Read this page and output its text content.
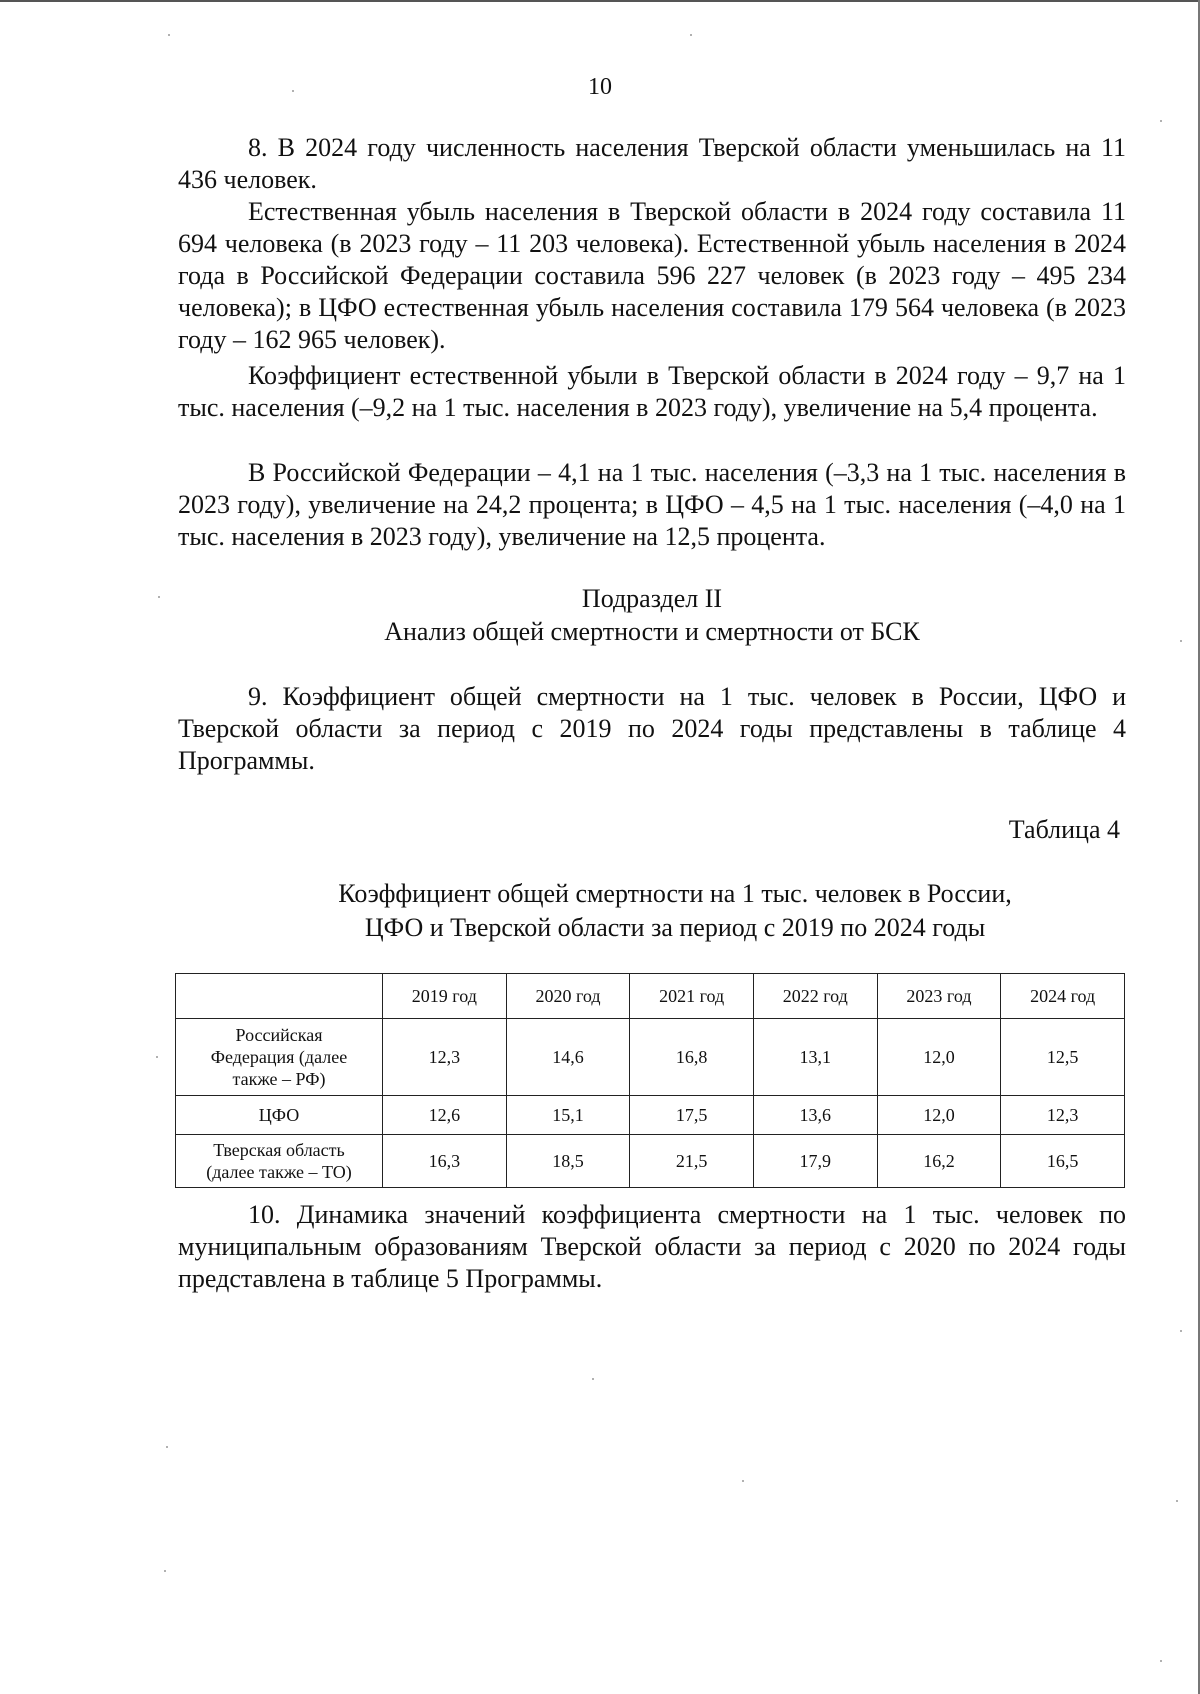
10

8. В 2024 году численность населения Тверской области уменьшилась на 11 436 человек.

Естественная убыль населения в Тверской области в 2024 году составила 11 694 человека (в 2023 году – 11 203 человека). Естественной убыль населения в 2024 года в Российской Федерации составила 596 227 человек (в 2023 году – 495 234 человека); в ЦФО естественная убыль населения составила 179 564 человека (в 2023 году – 162 965 человек).

Коэффициент естественной убыли в Тверской области в 2024 году – 9,7 на 1 тыс. населения (–9,2 на 1 тыс. населения в 2023 году), увеличение на 5,4 процента.

В Российской Федерации – 4,1 на 1 тыс. населения (–3,3 на 1 тыс. населения в 2023 году), увеличение на 24,2 процента; в ЦФО – 4,5 на 1 тыс. населения (–4,0 на 1 тыс. населения в 2023 году), увеличение на 12,5 процента.

Подраздел II
Анализ общей смертности и смертности от БСК

9. Коэффициент общей смертности на 1 тыс. человек в России, ЦФО и Тверской области за период с 2019 по 2024 годы представлены в таблице 4 Программы.

Таблица 4
Коэффициент общей смертности на 1 тыс. человек в России,
ЦФО и Тверской области за период с 2019 по 2024 годы
	2019 год	2020 год	2021 год	2022 год	2023 год	2024 год

Российская
Федерация (далее
также – РФ)	12,3	14,6	16,8	13,1	12,0	12,5

ЦФО	12,6	15,1	17,5	13,6	12,0	12,3

Тверская область
(далее также – ТО)	16,3	18,5	21,5	17,9	16,2	16,5

10. Динамика значений коэффициента смертности на 1 тыс. человек по муниципальным образованиям Тверской области за период с 2020 по 2024 годы представлена в таблице 5 Программы.
